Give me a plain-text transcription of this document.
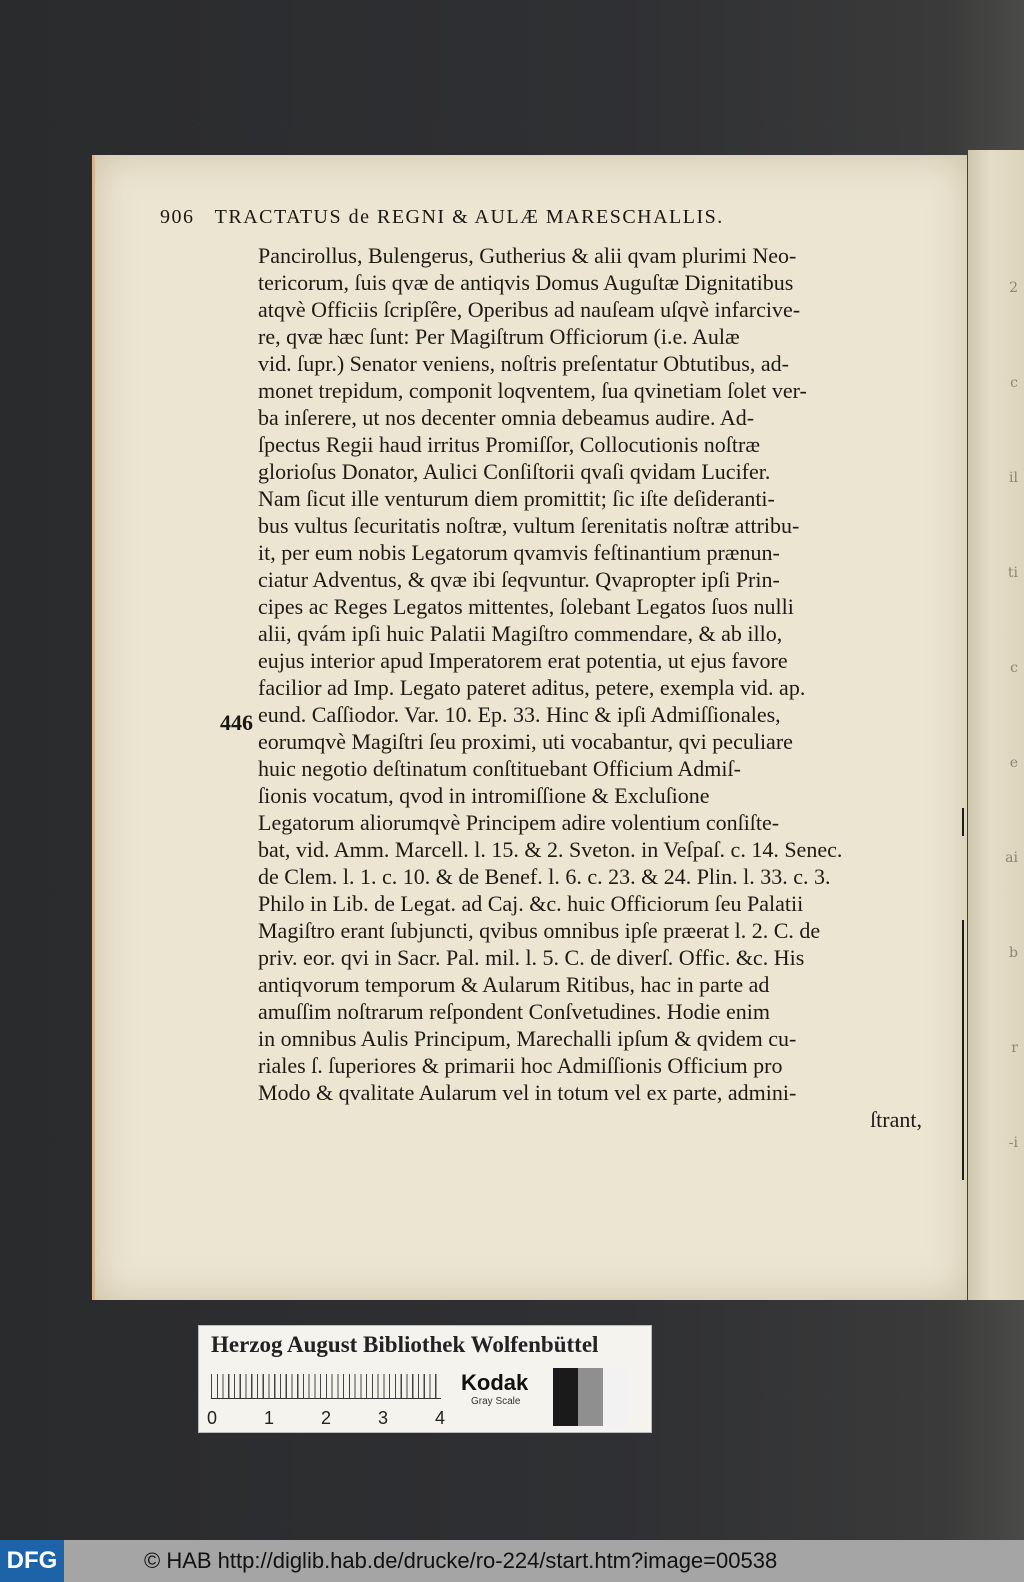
2
c
il
ti
c
e
ai
b
r
-i
906 TRACTATUS de REGNI & AULÆ MARESCHALLIS.
446
Pancirollus, Bulengerus, Gutherius & alii qvam plurimi Neo-
tericorum, ſuis qvæ de antiqvis Domus Auguſtæ Dignitatibus
atqvè Officiis ſcripſêre, Operibus ad nauſeam uſqvè infarcive-
re, qvæ hæc ſunt: Per Magiſtrum Officiorum (i.e. Aulæ
vid. ſupr.) Senator veniens, noſtris preſentatur Obtutibus, ad-
monet trepidum, componit loqventem, ſua qvinetiam ſolet ver-
ba inſerere, ut nos decenter omnia debeamus audire. Ad-
ſpectus Regii haud irritus Promiſſor, Collocutionis noſtræ
glorioſus Donator, Aulici Conſiſtorii qvaſi qvidam Lucifer.
Nam ſicut ille venturum diem promittit; ſic iſte deſideranti-
bus vultus ſecuritatis noſtræ, vultum ſerenitatis noſtræ attribu-
it, per eum nobis Legatorum qvamvis feſtinantium prænun-
ciatur Adventus, & qvæ ibi ſeqvuntur. Qvapropter ipſi Prin-
cipes ac Reges Legatos mittentes, ſolebant Legatos ſuos nulli
alii, qvám ipſi huic Palatii Magiſtro commendare, & ab illo,
eujus interior apud Imperatorem erat potentia, ut ejus favore
facilior ad Imp. Legato pateret aditus, petere, exempla vid. ap.
eund. Caſſiodor. Var. 10. Ep. 33. Hinc & ipſi Admiſſionales,
eorumqvè Magiſtri ſeu proximi, uti vocabantur, qvi peculiare
huic negotio deſtinatum conſtituebant Officium Admiſ-
ſionis vocatum, qvod in intromiſſione & Excluſione
Legatorum aliorumqvè Principem adire volentium conſiſte-
bat, vid. Amm. Marcell. l. 15. & 2. Sveton. in Veſpaſ. c. 14. Senec.
de Clem. l. 1. c. 10. & de Benef. l. 6. c. 23. & 24. Plin. l. 33. c. 3.
Philo in Lib. de Legat. ad Caj. &c. huic Officiorum ſeu Palatii
Magiſtro erant ſubjuncti, qvibus omnibus ipſe præerat l. 2. C. de
priv. eor. qvi in Sacr. Pal. mil. l. 5. C. de diverſ. Offic. &c. His
antiqvorum temporum & Aularum Ritibus, hac in parte ad
amuſſim noſtrarum reſpondent Conſvetudines. Hodie enim
in omnibus Aulis Principum, Marechalli ipſum & qvidem cu-
riales ſ. ſuperiores & primarii hoc Admiſſionis Officium pro
Modo & qvalitate Aularum vel in totum vel ex parte, admini-
ſtrant,
Herzog August Bibliothek Wolfenbüttel
0	1	2	3	4
Kodak
Gray Scale
DFG	© HAB http://diglib.hab.de/drucke/ro-224/start.htm?image=00538
